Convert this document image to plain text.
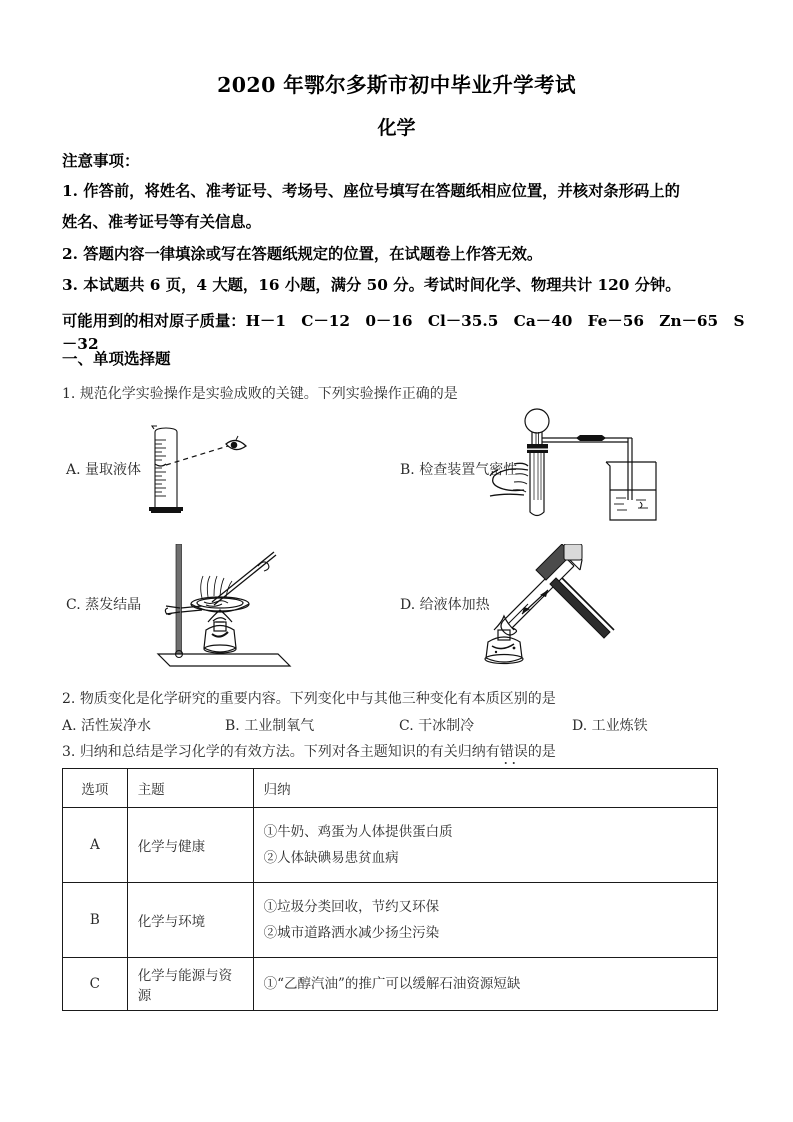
2020 年鄂尔多斯市初中毕业升学考试
化学
注意事项：
1. 作答前，将姓名、准考证号、考场号、座位号填写在答题纸相应位置，并核对条形码上的
姓名、准考证号等有关信息。
2. 答题内容一律填涂或写在答题纸规定的位置，在试题卷上作答无效。
3. 本试题共 6 页，4 大题，16 小题，满分 50 分。考试时间化学、物理共计 120 分钟。
可能用到的相对原子质量：H－1　C－12　0－16　Cl－35.5　Ca－40　Fe－56　Zn－65　S－32
一、单项选择题
1. 规范化学实验操作是实验成败的关键。下列实验操作正确的是
A. 量取液体	B. 检查装置气密性
C. 蒸发结晶	D. 给液体加热
2. 物质变化是化学研究的重要内容。下列变化中与其他三种变化有本质区别的是
A. 活性炭净水	B. 工业制氧气	C. 干冰制冷	D. 工业炼铁
3. 归纳和总结是学习化学的有效方法。下列对各主题知识的有关归纳有错误的是
选项	主题	归纳
A	化学与健康	①牛奶、鸡蛋为人体提供蛋白质
②人体缺碘易患贫血病

B	化学与环境	①垃圾分类回收，节约又环保
②城市道路洒水减少扬尘污染

C	化学与能源与资源	①“乙醇汽油”的推广可以缓解石油资源短缺
